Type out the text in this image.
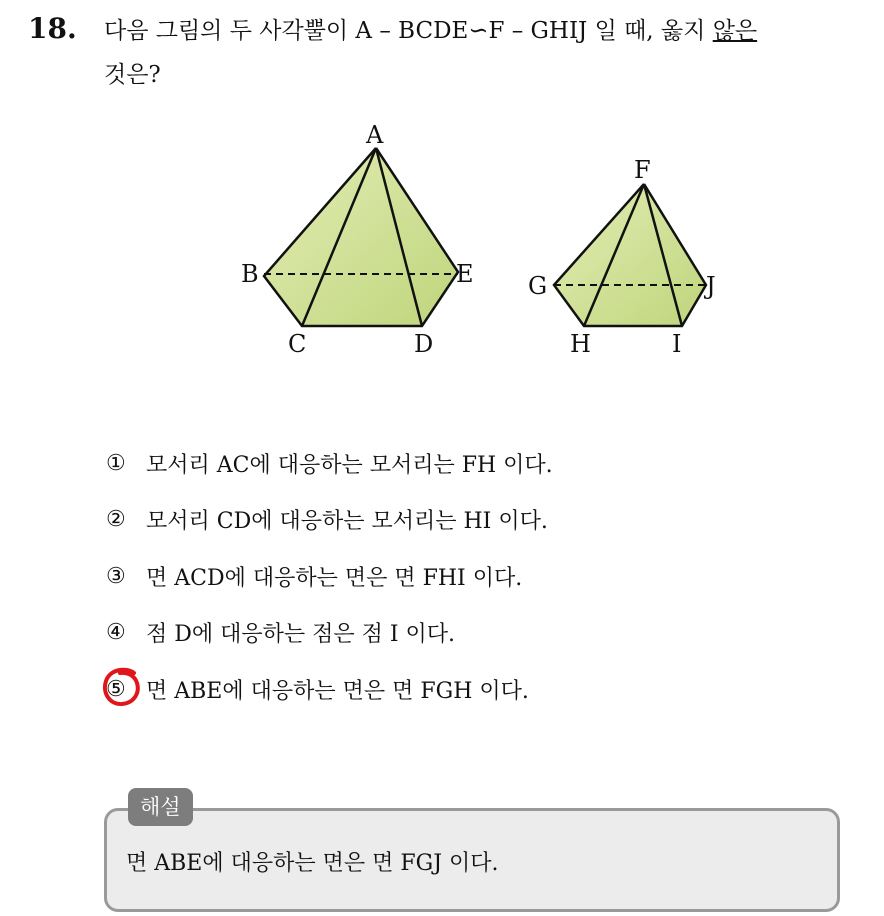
18. 다음 그림의 두 사각뿔이 A – BCDE∽F – GHIJ 일 때, 옳지 않은
것은?
A
B
C	D
E
F
G
H	I
J
① 모서리 AC에 대응하는 모서리는 FH 이다.
② 모서리 CD에 대응하는 모서리는 HI 이다.
③ 면 ACD에 대응하는 면은 면 FHI 이다.
④ 점 D에 대응하는 점은 점 I 이다.
⑤ 면 ABE에 대응하는 면은 면 FGH 이다.
해설
면 ABE에 대응하는 면은 면 FGJ 이다.
